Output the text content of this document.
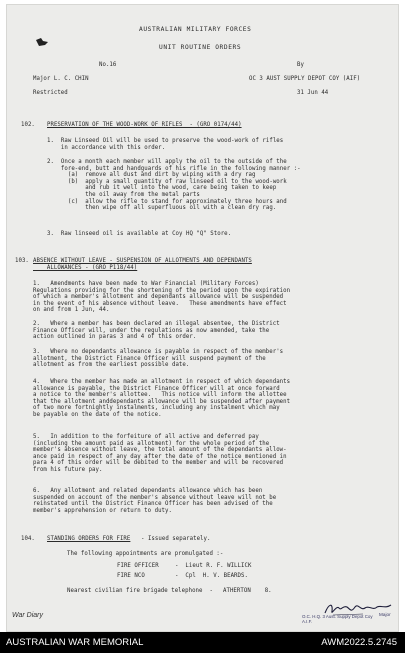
AUSTRALIAN MILITARY FORCES
UNIT ROUTINE ORDERS
No.16	By
Major L. C. CHIN	OC 3 AUST SUPPLY DEPOT COY (AIF)
Restricted	31 Jun 44
102. PRESERVATION OF THE WOOD-WORK OF RIFLES  - (GRO 0174/44)
1.  Raw Linseed Oil will be used to preserve the wood-work of rifles
in accordance with this order.
2.  Once a month each member will apply the oil to the outside of the
fore-end, butt and handguards of his rifle in the following manner :-
(a)  remove all dust and dirt by wiping with a dry rag
(b)  apply a small quantity of raw linseed oil to the wood-work
and rub it well into the wood, care being taken to keep
the oil away from the metal parts
(c)  allow the rifle to stand for approximately three hours and
then wipe off all superfluous oil with a clean dry rag.
3.  Raw linseed oil is available at Coy HQ "Q" Store.
103. ABSENCE WITHOUT LEAVE - SUSPENSION OF ALLOTMENTS AND DEPENDANTS
ALLOWANCES - (GRO P118/44)
1.   Amendments have been made to War Financial (Military Forces)
Regulations providing for the shortening of the period upon the expiration
of which a member's allotment and dependants allowance will be suspended
in the event of his absence without leave.   These amendments have effect
on and from 1 Jun, 44.
2.   Where a member has been declared an illegal absentee, the District
Finance Officer will, under the regulations as now amended, take the
action outlined in paras 3 and 4 of this order.
3.   Where no dependants allowance is payable in respect of the member's
allotment, the District Finance Officer will suspend payment of the
allotment as from the earliest possible date.
4.   Where the member has made an allotment in respect of which dependants
allowance is payable, the District Finance Officer will at once forward
a notice to the member's allottee.   This notice will inform the allottee
that the allotment anddependants allowance will be suspended after payment
of two more fortnightly instalments, including any instalment which may
be payable on the date of the notice.
5.   In addition to the forfeiture of all active and deferred pay
(including the amount paid as allotment) for the whole period of the
member's absence without leave, the total amount of the dependants allow-
ance paid in respect of any day after the date of the notice mentioned in
para 4 of this order will be debited to the member and will be recovered
from his future pay.
6.   Any allotment and related dependants allowance which has been
suspended on account of the member's absence without leave will not be
reinstated until the District Finance Officer has been advised of the
member's apprehension or return to duty.
104. STANDING ORDERS FOR FIRE - Issued separately.
The following appointments are promulgated :-
FIRE OFFICER	-  Lieut R. F. WILLICK
FIRE NCO	-  Cpl  H. V. BEARDS.
Nearest civilian fire brigade telephone  - ATHERTON    8.
Major
O.C. H.Q. 3 Aust. Supply Depot Coy
A.I.F.
War Diary
AUSTRALIAN WAR MEMORIAL	AWM2022.5.2745
